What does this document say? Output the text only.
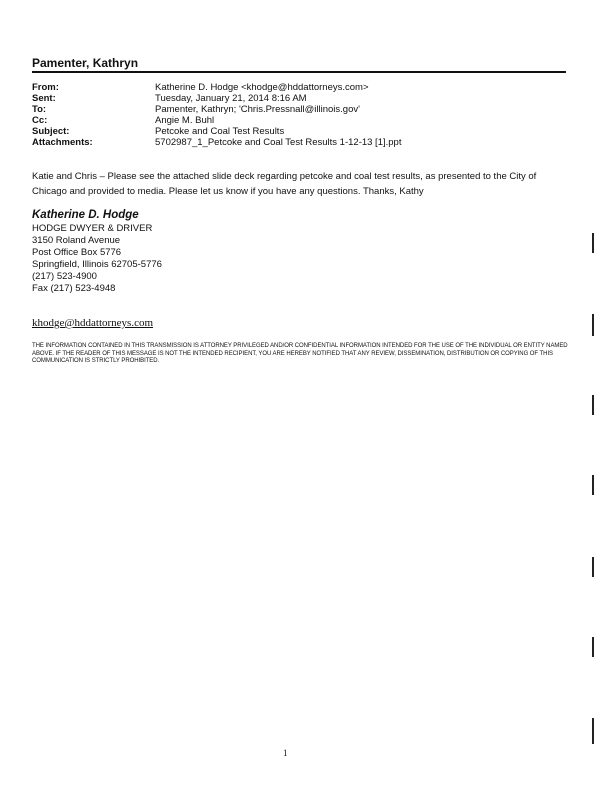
Pamenter, Kathryn
From:	Katherine D. Hodge <khodge@hddattorneys.com>
Sent:	Tuesday, January 21, 2014 8:16 AM
To:	Pamenter, Kathryn; 'Chris.Pressnall@illinois.gov'
Cc:	Angie M. Buhl
Subject:	Petcoke and Coal Test Results
Attachments:	5702987_1_Petcoke and Coal Test Results 1-12-13 [1].ppt
Katie and Chris – Please see the attached slide deck regarding petcoke and coal test results, as presented to the City of Chicago and provided to media. Please let us know if you have any questions. Thanks, Kathy
Katherine D. Hodge
HODGE DWYER & DRIVER
3150 Roland Avenue
Post Office Box 5776
Springfield, Illinois 62705-5776
(217) 523-4900
Fax (217) 523-4948
khodge@hddattorneys.com
THE INFORMATION CONTAINED IN THIS TRANSMISSION IS ATTORNEY PRIVILEGED AND/OR CONFIDENTIAL INFORMATION INTENDED FOR THE USE OF THE INDIVIDUAL OR ENTITY NAMED ABOVE. IF THE READER OF THIS MESSAGE IS NOT THE INTENDED RECIPIENT, YOU ARE HEREBY NOTIFIED THAT ANY REVIEW, DISSEMINATION, DISTRIBUTION OR COPYING OF THIS COMMUNICATION IS STRICTLY PROHIBITED.
1
